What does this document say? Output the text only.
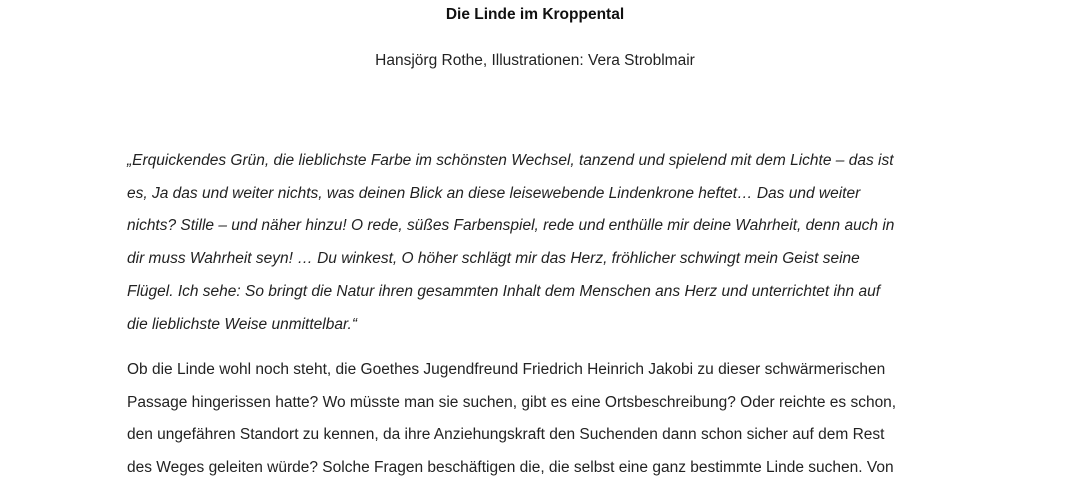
Die Linde im Kroppental
Hansjörg Rothe, Illustrationen: Vera Stroblmair

„Erquickendes Grün, die lieblichste Farbe im schönsten Wechsel, tanzend und spielend mit dem Lichte – das ist
es, Ja das und weiter nichts, was deinen Blick an diese leisewebende Lindenkrone heftet… Das und weiter
nichts? Stille – und näher hinzu! O rede, süßes Farbenspiel, rede und enthülle mir deine Wahrheit, denn auch in
dir muss Wahrheit seyn! … Du winkest, O höher schlägt mir das Herz, fröhlicher schwingt mein Geist seine
Flügel. Ich sehe: So bringt die Natur ihren gesammten Inhalt dem Menschen ans Herz und unterrichtet ihn auf
die lieblichste Weise unmittelbar.“

Ob die Linde wohl noch steht, die Goethes Jugendfreund Friedrich Heinrich Jakobi zu dieser schwärmerischen
Passage hingerissen hatte? Wo müsste man sie suchen, gibt es eine Ortsbeschreibung? Oder reichte es schon,
den ungefähren Standort zu kennen, da ihre Anziehungskraft den Suchenden dann schon sicher auf dem Rest
des Weges geleiten würde? Solche Fragen beschäftigen die, die selbst eine ganz bestimmte Linde suchen. Von
